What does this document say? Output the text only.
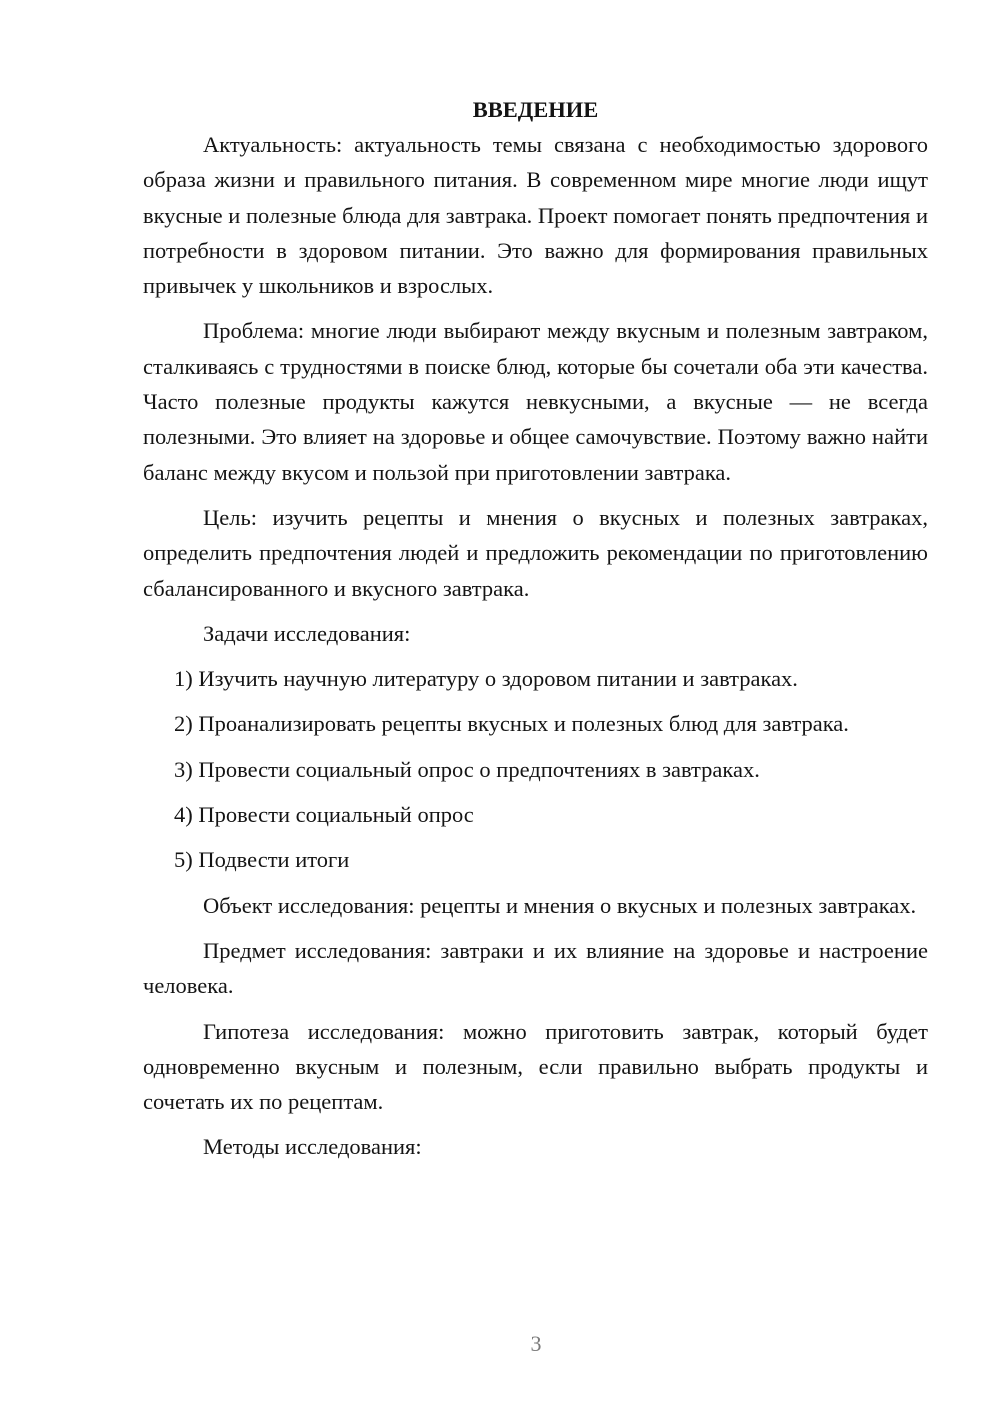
ВВЕДЕНИЕ

Актуальность: актуальность темы связана с необходимостью здорового образа жизни и правильного питания. В современном мире многие люди ищут вкусные и полезные блюда для завтрака. Проект помогает понять предпочтения и потребности в здоровом питании. Это важно для формирования правильных привычек у школьников и взрослых.

Проблема: многие люди выбирают между вкусным и полезным завтраком, сталкиваясь с трудностями в поиске блюд, которые бы сочетали оба эти качества. Часто полезные продукты кажутся невкусными, а вкусные — не всегда полезными. Это влияет на здоровье и общее самочувствие. Поэтому важно найти баланс между вкусом и пользой при приготовлении завтрака.

Цель: изучить рецепты и мнения о вкусных и полезных завтраках, определить предпочтения людей и предложить рекомендации по приготовлению сбалансированного и вкусного завтрака.

Задачи исследования:

1) Изучить научную литературу о здоровом питании и завтраках.
2) Проанализировать рецепты вкусных и полезных блюд для завтрака.
3) Провести социальный опрос о предпочтениях в завтраках.
4) Провести социальный опрос
5) Подвести итоги

Объект исследования: рецепты и мнения о вкусных и полезных завтраках.

Предмет исследования: завтраки и их влияние на здоровье и настроение человека.

Гипотеза исследования: можно приготовить завтрак, который будет одновременно вкусным и полезным, если правильно выбрать продукты и сочетать их по рецептам.

Методы исследования:

3
